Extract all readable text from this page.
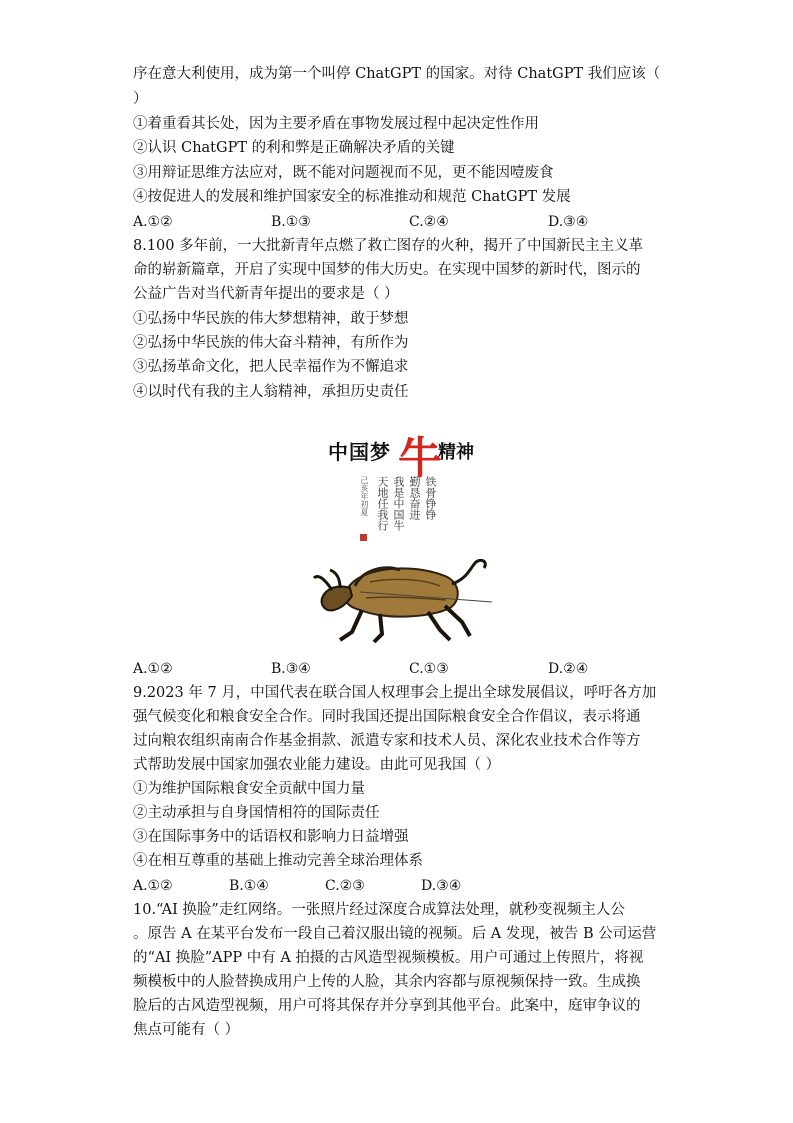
序在意大利使用，成为第一个叫停 ChatGPT 的国家。对待 ChatGPT 我们应该（
）
①着重看其长处，因为主要矛盾在事物发展过程中起决定性作用
②认识 ChatGPT 的利和弊是正确解决矛盾的关键
③用辩证思维方法应对，既不能对问题视而不见，更不能因噎废食
④按促进人的发展和维护国家安全的标准推动和规范 ChatGPT 发展
A.①②	B.①③	C.②④	D.③④
8.100 多年前，一大批新青年点燃了救亡图存的火种，揭开了中国新民主主义革
命的崭新篇章，开启了实现中国梦的伟大历史。在实现中国梦的新时代，图示的
公益广告对当代新青年提出的要求是（ ）
①弘扬中华民族的伟大梦想精神，敢于梦想
②弘扬中华民族的伟大奋斗精神，有所作为
③弘扬革命文化，把人民幸福作为不懈追求
④以时代有我的主人翁精神，承担历史责任
中国梦 牛
精神
铁骨铮铮
勤恳奋进
我是中国牛
天地任我行
己亥年初夏
A.①②	B.③④	C.①③	D.②④
9.2023 年 7 月，中国代表在联合国人权理事会上提出全球发展倡议，呼吁各方加
强气候变化和粮食安全合作。同时我国还提出国际粮食安全合作倡议，表示将通
过向粮农组织南南合作基金捐款、派遣专家和技术人员、深化农业技术合作等方
式帮助发展中国家加强农业能力建设。由此可见我国（ ）
①为维护国际粮食安全贡献中国力量
②主动承担与自身国情相符的国际责任
③在国际事务中的话语权和影响力日益增强
④在相互尊重的基础上推动完善全球治理体系
A.①②	B.①④	C.②③	D.③④
10.“AI 换脸”走红网络。一张照片经过深度合成算法处理，就秒变视频主人公
。原告 A 在某平台发布一段自己着汉服出镜的视频。后 A 发现，被告 B 公司运营
的“AI 换脸”APP 中有 A 拍摄的古风造型视频模板。用户可通过上传照片，将视
频模板中的人脸替换成用户上传的人脸，其余内容都与原视频保持一致。生成换
脸后的古风造型视频，用户可将其保存并分享到其他平台。此案中，庭审争议的
焦点可能有（ ）
